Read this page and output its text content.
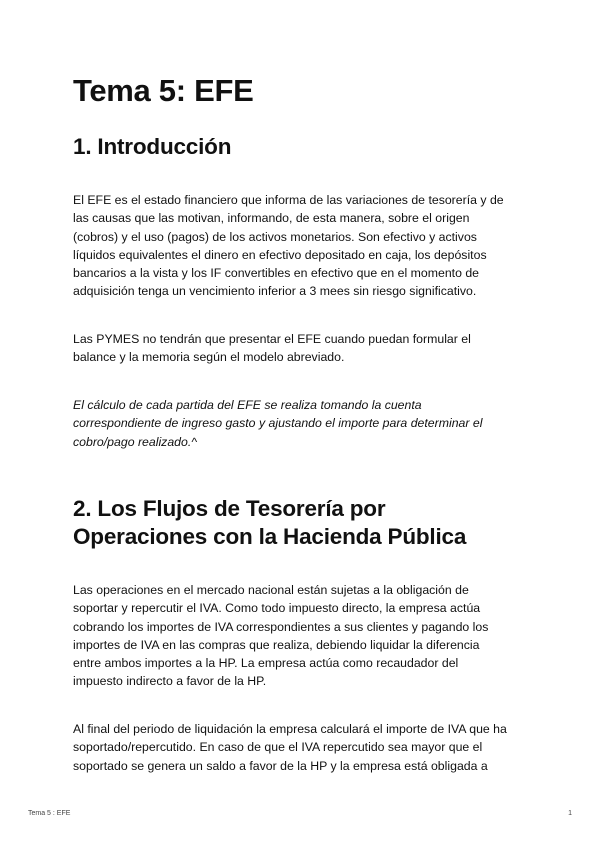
Tema 5: EFE
1. Introducción
El EFE es el estado financiero que informa de las variaciones de tesorería y de
las causas que las motivan, informando, de esta manera, sobre el origen
(cobros) y el uso (pagos) de los activos monetarios. Son efectivo y activos
líquidos equivalentes el dinero en efectivo depositado en caja, los depósitos
bancarios a la vista y los IF convertibles en efectivo que en el momento de
adquisición tenga un vencimiento inferior a 3 mees sin riesgo significativo.
Las PYMES no tendrán que presentar el EFE cuando puedan formular el
balance y la memoria según el modelo abreviado.
El cálculo de cada partida del EFE se realiza tomando la cuenta
correspondiente de ingreso gasto y ajustando el importe para determinar el
cobro/pago realizado.^
2. Los Flujos de Tesorería por
Operaciones con la Hacienda Pública
Las operaciones en el mercado nacional están sujetas a la obligación de
soportar y repercutir el IVA. Como todo impuesto directo, la empresa actúa
cobrando los importes de IVA correspondientes a sus clientes y pagando los
importes de IVA en las compras que realiza, debiendo liquidar la diferencia
entre ambos importes a la HP. La empresa actúa como recaudador del
impuesto indirecto a favor de la HP.
Al final del periodo de liquidación la empresa calculará el importe de IVA que ha
soportado/repercutido. En caso de que el IVA repercutido sea mayor que el
soportado se genera un saldo a favor de la HP y la empresa está obligada a
Tema 5 : EFE	1
